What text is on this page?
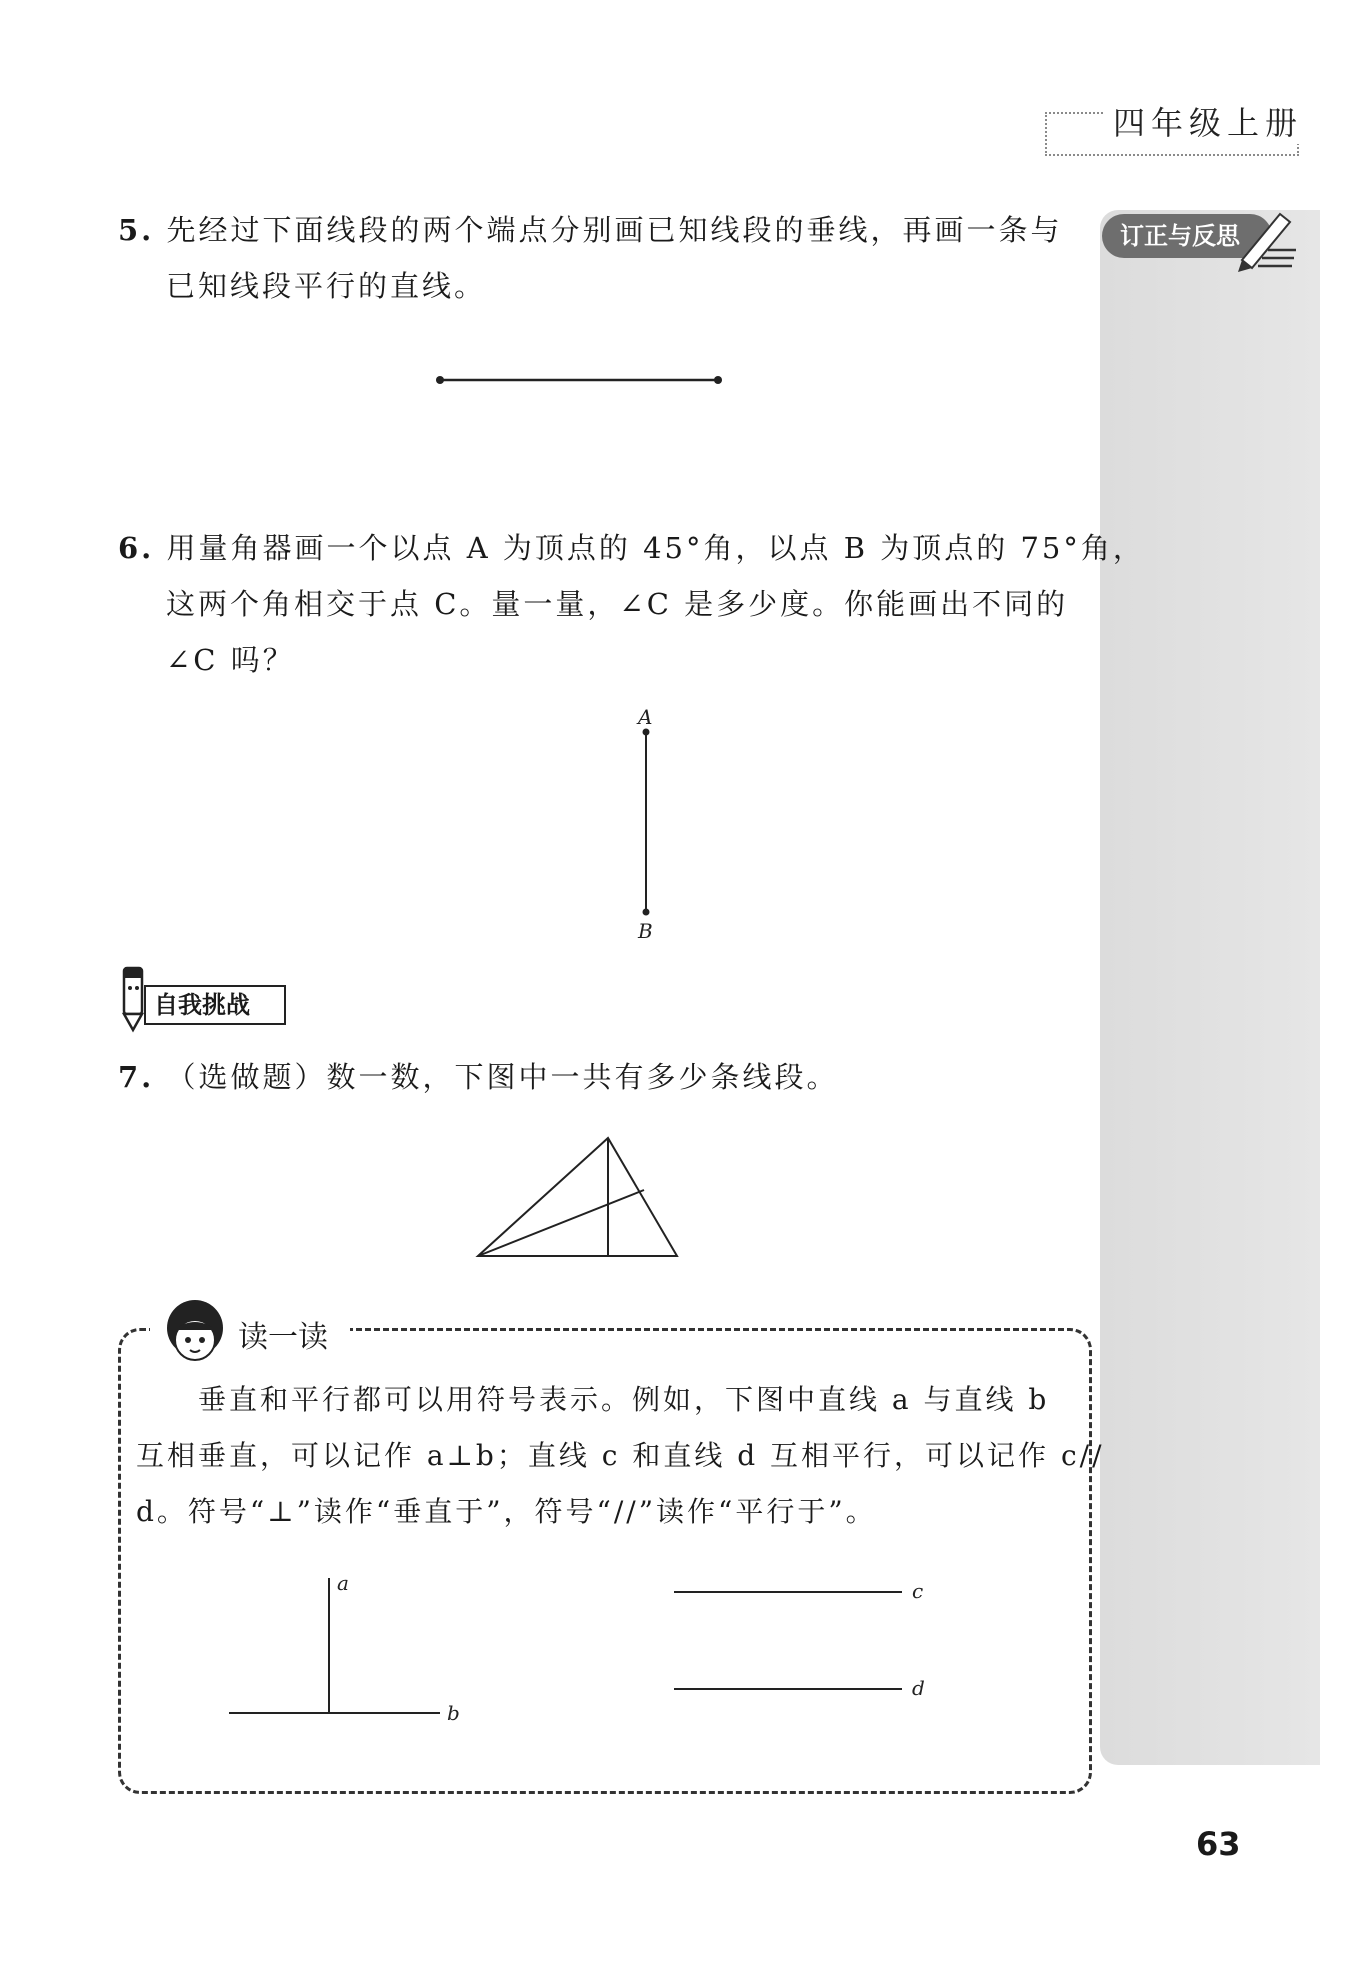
四年级上册
订正与反思
5. 先经过下面线段的两个端点分别画已知线段的垂线，再画一条与
已知线段平行的直线。
6. 用量角器画一个以点 A 为顶点的 45°角，以点 B 为顶点的 75°角，
这两个角相交于点 C。量一量，∠C 是多少度。你能画出不同的
∠C 吗？
A
B
自我挑战
7. （选做题）数一数，下图中一共有多少条线段。
读一读
垂直和平行都可以用符号表示。例如，下图中直线 a 与直线 b
互相垂直，可以记作 a⊥b；直线 c 和直线 d 互相平行，可以记作 c//
d。符号“⊥”读作“垂直于”，符号“//”读作“平行于”。
a
b
c
d
63
